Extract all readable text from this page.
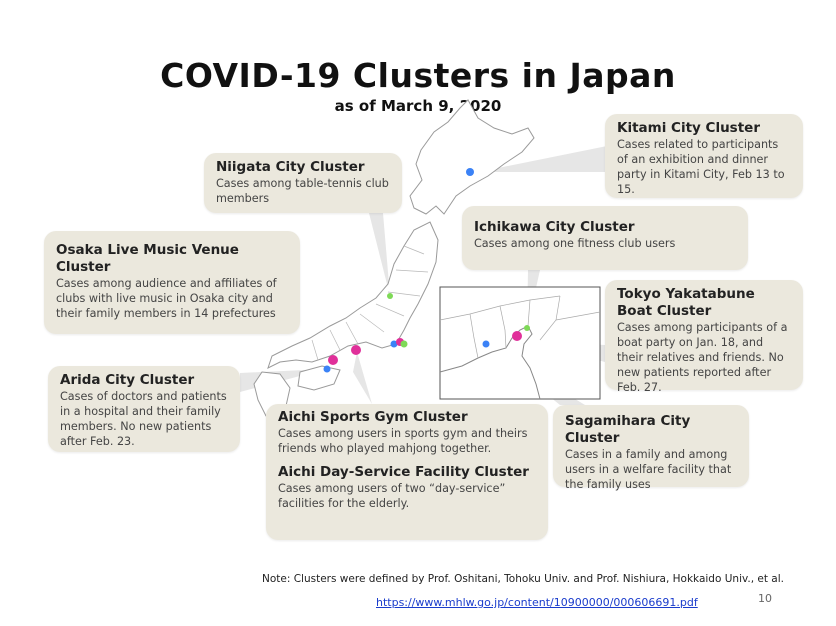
COVID-19 Clusters in Japan
as of March 9, 2020
Kitami City Cluster

Cases related to participants of an exhibition and dinner party in Kitami City, Feb 13 to 15.

Niigata City Cluster

Cases among table-tennis club members

Ichikawa City Cluster

Cases among one fitness club users

Osaka Live Music Venue Cluster

Cases among audience and affiliates of clubs with live music in Osaka city and their family members in 14 prefectures

Tokyo Yakatabune Boat Cluster

Cases among participants of a boat party on Jan. 18, and their relatives and friends. No new patients reported after Feb. 27.

Arida City Cluster

Cases of doctors and patients in a hospital and their family members. No new patients after Feb. 23.

Sagamihara City Cluster

Cases in a family and among users in a welfare facility that the family uses

Aichi Sports Gym Cluster

Cases among users in sports gym and theirs friends who played mahjong together.

Aichi Day-Service Facility Cluster

Cases among users of two “day-service” facilities for the elderly.

Note: Clusters were defined by Prof. Oshitani, Tohoku Univ. and Prof. Nishiura, Hokkaido Univ., et al.
https://www.mhlw.go.jp/content/10900000/000606691.pdf	10
